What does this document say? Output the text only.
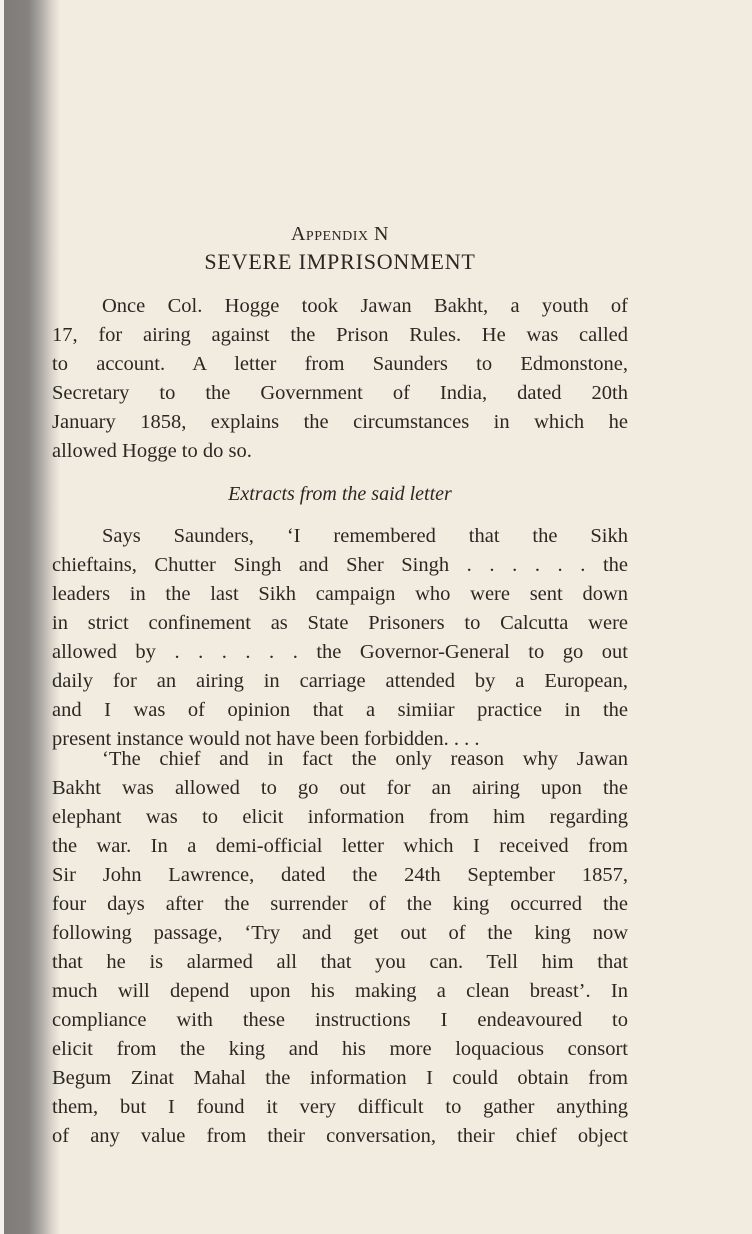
Appendix N
SEVERE IMPRISONMENT
Once Col. Hogge took Jawan Bakht, a youth of
17, for airing against the Prison Rules. He was called
to account. A letter from Saunders to Edmonstone,
Secretary to the Government of India, dated 20th
January 1858, explains the circumstances in which he
allowed Hogge to do so.
Extracts from the said letter
Says Saunders, ‘I remembered that the Sikh
chieftains, Chutter Singh and Sher Singh . . . . . . the
leaders in the last Sikh campaign who were sent down
in strict confinement as State Prisoners to Calcutta were
allowed by . . . . . . the Governor-General to go out
daily for an airing in carriage attended by a European,
and I was of opinion that a simiiar practice in the
present instance would not have been forbidden. . . .
‘The chief and in fact the only reason why Jawan
Bakht was allowed to go out for an airing upon the
elephant was to elicit information from him regarding
the war. In a demi-official letter which I received from
Sir John Lawrence, dated the 24th September 1857,
four days after the surrender of the king occurred the
following passage, ‘Try and get out of the king now
that he is alarmed all that you can. Tell him that
much will depend upon his making a clean breast’. In
compliance with these instructions I endeavoured to
elicit from the king and his more loquacious consort
Begum Zinat Mahal the information I could obtain from
them, but I found it very difficult to gather anything
of any value from their conversation, their chief object
